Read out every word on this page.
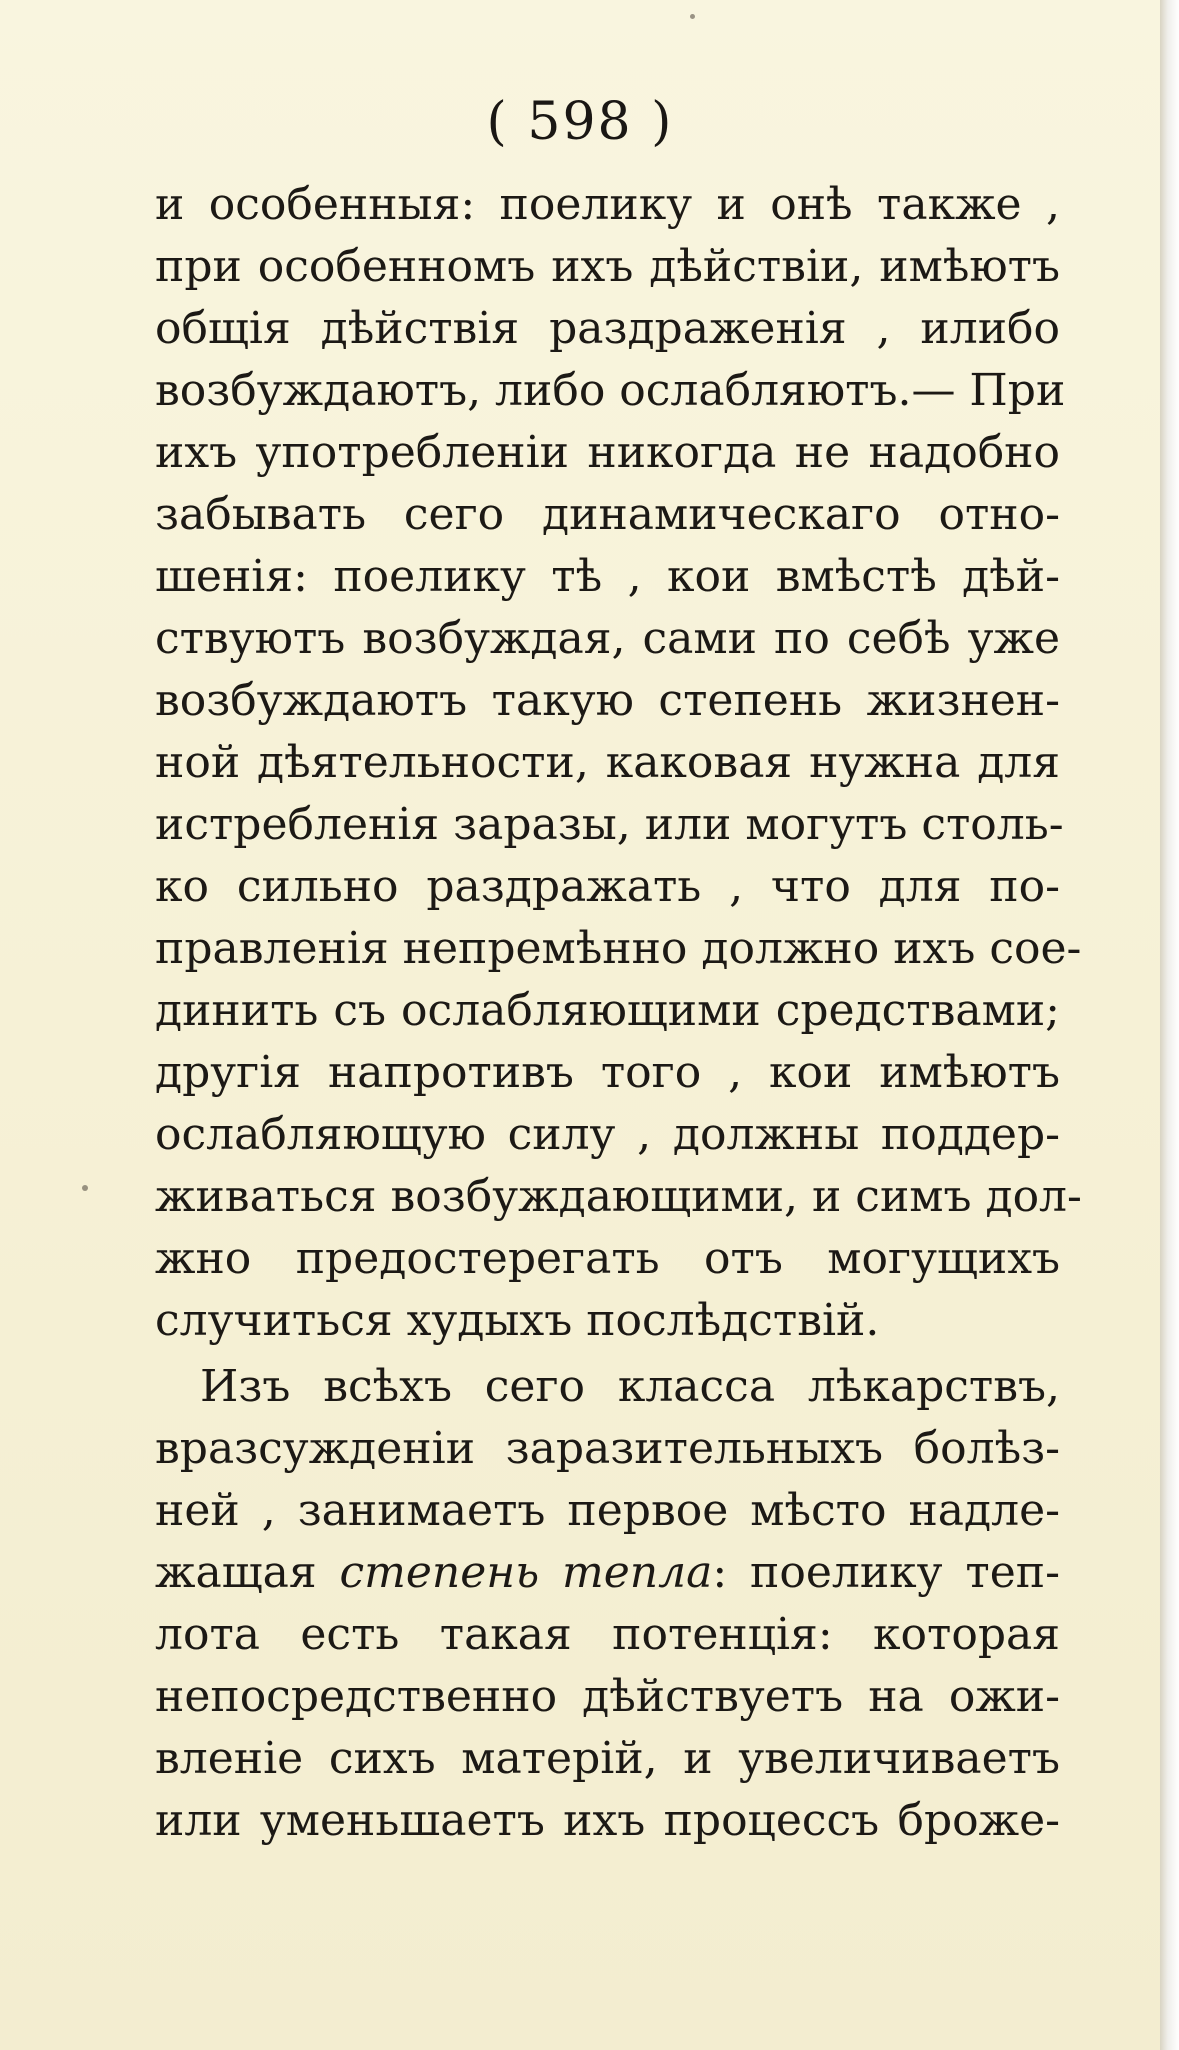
( 598 )
и особенныя: поелику и онѣ также ,
при особенномъ ихъ дѣйствіи, имѣютъ
общія дѣйствія раздраженія , илибо
возбуждаютъ, либо ослабляютъ.— При
ихъ употребленіи никогда не надобно
забывать сего динамическаго отно-
шенія: поелику тѣ , кои вмѣстѣ дѣй-
ствуютъ возбуждая, сами по себѣ уже
возбуждаютъ такую степень жизнен-
ной дѣятельности, каковая нужна для
истребленія заразы, или могутъ столь-
ко сильно раздражать , что для по-
правленія непремѣнно должно ихъ сое-
динить съ ослабляющими средствами;
другія напротивъ того , кои имѣютъ
ослабляющую силу , должны поддер-
живаться возбуждающими, и симъ дол-
жно предостерегать отъ могущихъ
случиться худыхъ послѣдствій.
Изъ всѣхъ сего класса лѣкарствъ,
вразсужденіи заразительныхъ болѣз-
ней , занимаетъ первое мѣсто надле-
жащая степень тепла: поелику теп-
лота есть такая потенція: которая
непосредственно дѣйствуетъ на ожи-
вленіе сихъ матерій, и увеличиваетъ
или уменьшаетъ ихъ процессъ броже-
